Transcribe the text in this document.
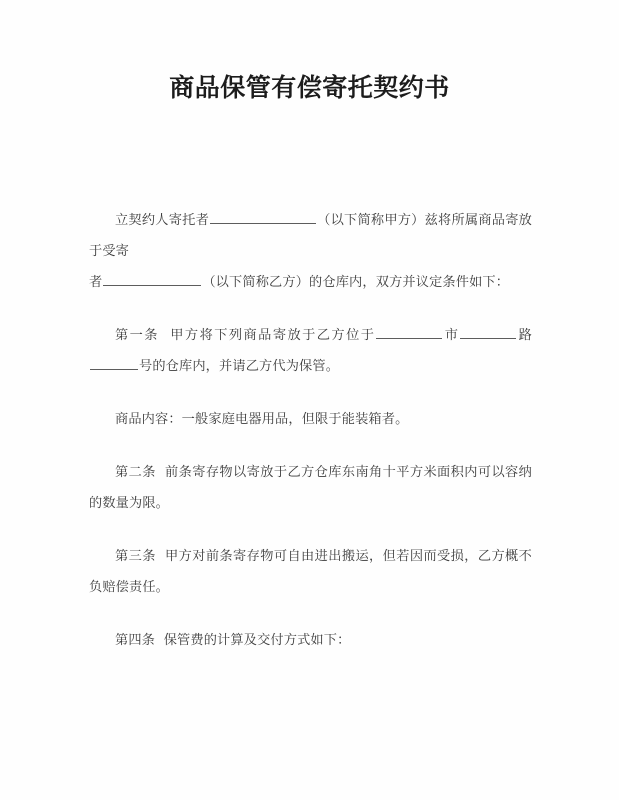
商品保管有偿寄托契约书

立契约人寄托者	（以下简称甲方）兹将所属商品寄放于受寄

者	（以下简称乙方）的仓库内，双方并议定条件如下：

第一条 甲方将下列商品寄放于乙方位于	市	路号的仓库内，并请乙方代为保管。

商品内容：一般家庭电器用品，但限于能装箱者。

第二条 前条寄存物以寄放于乙方仓库东南角十平方米面积内可以容纳的数量为限。

第三条 甲方对前条寄存物可自由进出搬运，但若因而受损，乙方概不负赔偿责任。

第四条 保管费的计算及交付方式如下：
